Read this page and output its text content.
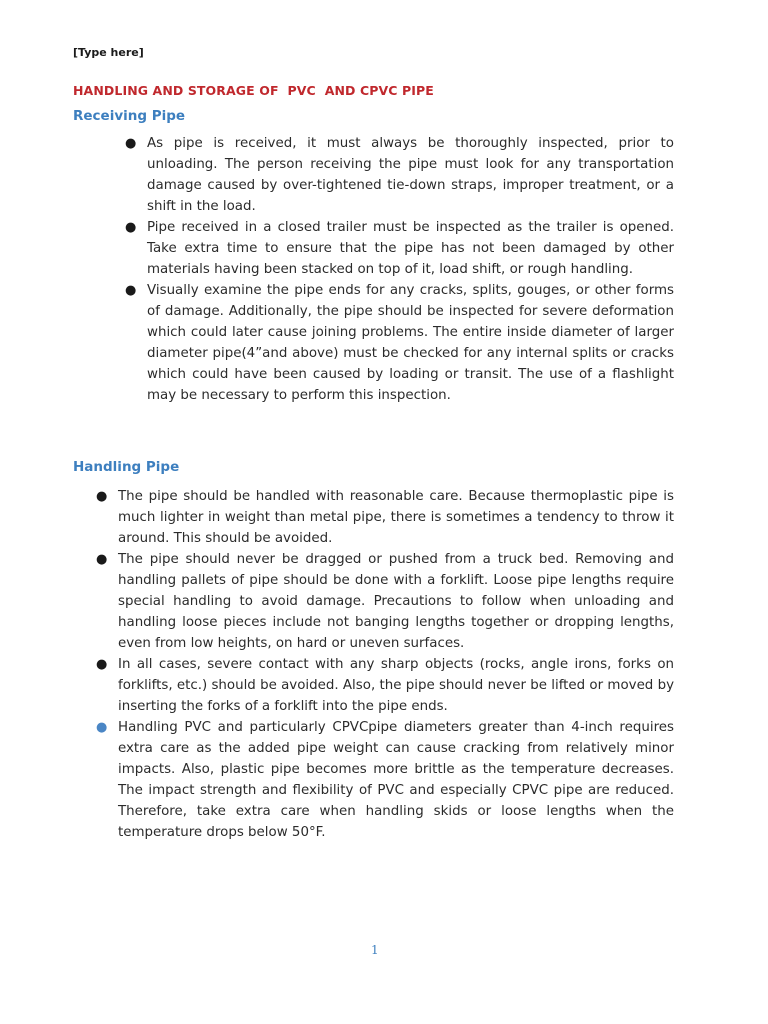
[Type here]
HANDLING AND STORAGE OF  PVC  AND CPVC PIPE
Receiving Pipe
● As pipe is received, it must always be thoroughly inspected, prior to unloading. The person receiving the pipe must look for any transportation damage caused by over-tightened tie-down straps, improper treatment, or a shift in the load.
● Pipe received in a closed trailer must be inspected as the trailer is opened. Take extra time to ensure that the pipe has not been damaged by other materials having been stacked on top of it, load shift, or rough handling.
● Visually examine the pipe ends for any cracks, splits, gouges, or other forms of damage. Additionally, the pipe should be inspected for severe deformation which could later cause joining problems. The entire inside diameter of larger diameter pipe(4”and above) must be checked for any internal splits or cracks which could have been caused by loading or transit. The use of a flashlight may be necessary to perform this inspection.
Handling Pipe
● The pipe should be handled with reasonable care. Because thermoplastic pipe is much lighter in weight than metal pipe, there is sometimes a tendency to throw it around. This should be avoided.
● The pipe should never be dragged or pushed from a truck bed. Removing and handling pallets of pipe should be done with a forklift. Loose pipe lengths require special handling to avoid damage. Precautions to follow when unloading and handling loose pieces include not banging lengths together or dropping lengths, even from low heights, on hard or uneven surfaces.
● In all cases, severe contact with any sharp objects (rocks, angle irons, forks on forklifts, etc.) should be avoided. Also, the pipe should never be lifted or moved by inserting the forks of a forklift into the pipe ends.
● Handling PVC and particularly CPVCpipe diameters greater than 4-inch requires extra care as the added pipe weight can cause cracking from relatively minor impacts. Also, plastic pipe becomes more brittle as the temperature decreases. The impact strength and flexibility of PVC and especially CPVC pipe are reduced. Therefore, take extra care when handling skids or loose lengths when the temperature drops below 50°F.
1
